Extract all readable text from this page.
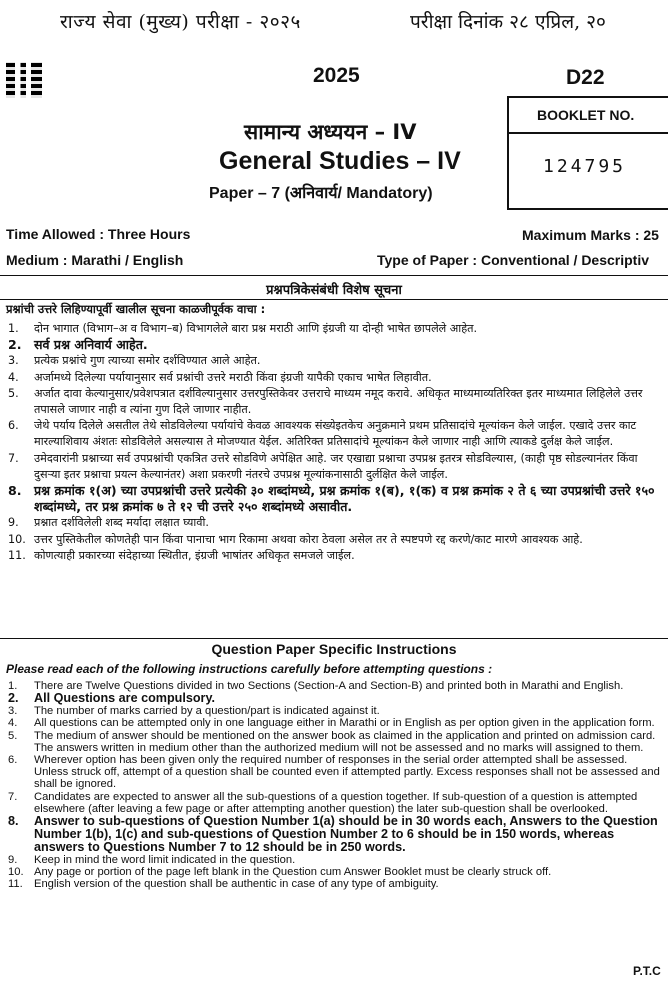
राज्य सेवा (मुख्य) परीक्षा - २०२५	परीक्षा दिनांक २८ एप्रिल, २०
2025	D22
BOOKLET NO.
124795
सामान्य अध्ययन – IV
General Studies – IV
Paper – 7 (अनिवार्य/ Mandatory)
Time Allowed : Three Hours	Maximum Marks : 25
Medium : Marathi / English	Type of Paper : Conventional / Descriptiv
प्रश्नपत्रिकेसंबंधी विशेष सूचना
प्रश्नांची उत्तरे लिहिण्यापूर्वी खालील सूचना काळजीपूर्वक वाचा :
1.	दोन भागात (विभाग–अ व विभाग–ब) विभागलेले बारा प्रश्न मराठी आणि इंग्रजी या दोन्ही भाषेत छापलेले आहेत.
2. सर्व प्रश्न अनिवार्य आहेत.
3.	प्रत्येक प्रश्नांचे गुण त्याच्या समोर दर्शविण्यात आले आहेत.
4.	अर्जामध्ये दिलेल्या पर्यायानुसार सर्व प्रश्नांची उत्तरे मराठी किंवा इंग्रजी यापैकी एकाच भाषेत लिहावीत.
5.	अर्जात दावा केल्यानुसार/प्रवेशपत्रात दर्शविल्यानुसार उत्तरपुस्तिकेवर उत्तराचे माध्यम नमूद करावे. अधिकृत माध्यमाव्यतिरिक्त इतर माध्यमात लिहिलेले उत्तर तपासले जाणार नाही व त्यांना गुण दिले जाणार नाहीत.
6.	जेथे पर्याय दिलेले असतील तेथे सोडविलेल्या पर्यायांचे केवळ आवश्यक संख्येइतकेच अनुक्रमाने प्रथम प्रतिसादांचे मूल्यांकन केले जाईल. एखादे उत्तर काट मारल्याशिवाय अंशतः सोडविलेले असल्यास ते मोजण्यात येईल. अतिरिक्त प्रतिसादांचे मूल्यांकन केले जाणार नाही आणि त्याकडे दुर्लक्ष केले जाईल.
7.	उमेदवारांनी प्रश्नाच्या सर्व उपप्रश्नांची एकत्रित उत्तरे सोडविणे अपेक्षित आहे. जर एखाद्या प्रश्नाचा उपप्रश्न इतरत्र सोडविल्यास, (काही पृष्ठ सोडल्यानंतर किंवा दुसऱ्या इतर प्रश्नाचा प्रयत्न केल्यानंतर) अशा प्रकरणी नंतरचे उपप्रश्न मूल्यांकनासाठी दुर्लक्षित केले जाईल.
8. प्रश्न क्रमांक १(अ) च्या उपप्रश्नांची उत्तरे प्रत्येकी ३० शब्दांमध्ये, प्रश्न क्रमांक १(ब), १(क) व प्रश्न क्रमांक २ ते ६ च्या उपप्रश्नांची उत्तरे १५० शब्दांमध्ये, तर प्रश्न क्रमांक ७ ते १२ ची उत्तरे २५० शब्दांमध्ये असावीत.
9.	प्रश्नात दर्शविलेली शब्द मर्यादा लक्षात घ्यावी.
10. उत्तर पुस्तिकेतील कोणतेही पान किंवा पानाचा भाग रिकामा अथवा कोरा ठेवला असेल तर ते स्पष्टपणे रद्द करणे/काट मारणे आवश्यक आहे.
11. कोणत्याही प्रकारच्या संदेहाच्या स्थितीत, इंग्रजी भाषांतर अधिकृत समजले जाईल.
Question Paper Specific Instructions
Please read each of the following instructions carefully before attempting questions :
1.	There are Twelve Questions divided in two Sections (Section-A and Section-B) and printed both in Marathi and English.
2.	All Questions are compulsory.
3.	The number of marks carried by a question/part is indicated against it.
4.	All questions can be attempted only in one language either in Marathi or in English as per option given in the application form.
5.	The medium of answer should be mentioned on the answer book as claimed in the application and printed on admission card. The answers written in medium other than the authorized medium will not be assessed and no marks will assigned to them.
6.	Wherever option has been given only the required number of responses in the serial order attempted shall be assessed. Unless struck off, attempt of a question shall be counted even if attempted partly. Excess responses shall not be assessed and shall be ignored.
7.	Candidates are expected to answer all the sub-questions of a question together. If sub-question of a question is attempted elsewhere (after leaving a few page or after attempting another question) the later sub-question shall be overlooked.
8.	Answer to sub-questions of Question Number 1(a) should be in 30 words each, Answers to the Question Number 1(b), 1(c) and sub-questions of Question Number 2 to 6 should be in 150 words, whereas answers to Questions Number 7 to 12 should be in 250 words.
9.	Keep in mind the word limit indicated in the question.
10. Any page or portion of the page left blank in the Question cum Answer Booklet must be clearly struck off.
11.	English version of the question shall be authentic in case of any type of ambiguity.
P.T.C
